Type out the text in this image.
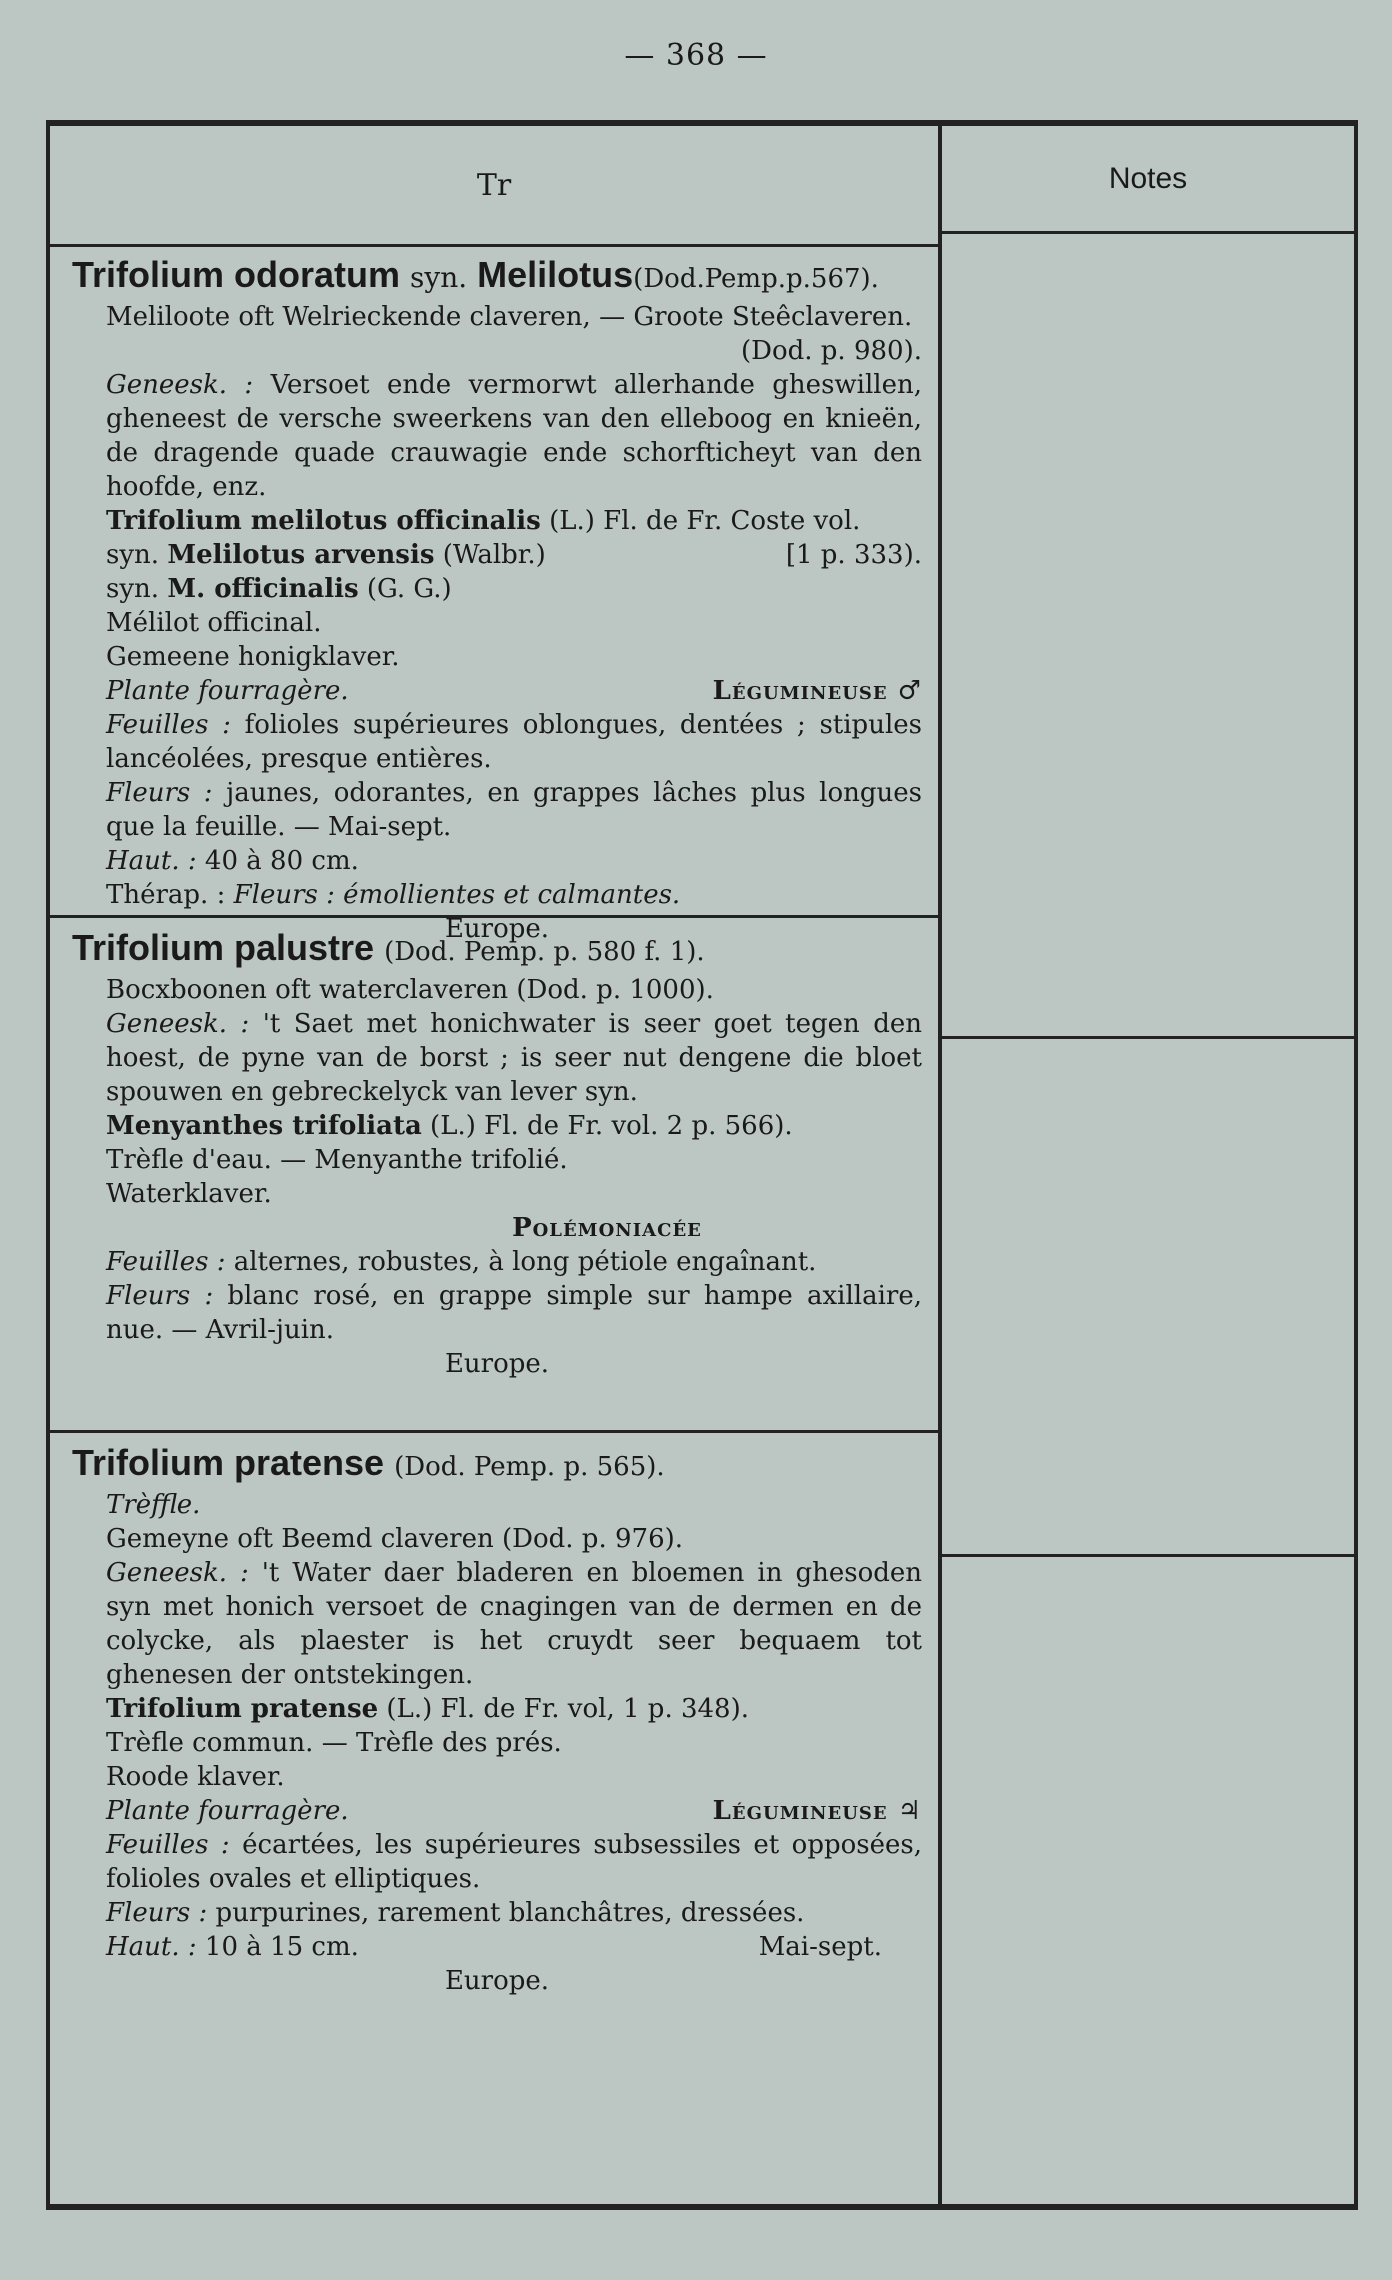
— 368 —
Tr	Notes
Trifolium odoratum syn. Melilotus(Dod.Pemp.p.567).
Meliloote oft Welrieckende claveren, — Groote Steêclaveren.
(Dod. p. 980).
Geneesk. : Versoet ende vermorwt allerhande gheswillen, gheneest de versche sweerkens van den elleboog en knieën, de dragende quade crauwagie ende schorfticheyt van den hoofde, enz.
Trifolium melilotus officinalis (L.) Fl. de Fr. Coste vol.
syn. Melilotus arvensis (Walbr.)	[1 p. 333).
syn. M. officinalis (G. G.)
Mélilot officinal.
Gemeene honigklaver.
Plante fourragère.	Légumineuse ♂
Feuilles : folioles supérieures oblongues, dentées ; stipules lancéolées, presque entières.
Fleurs : jaunes, odorantes, en grappes lâches plus longues que la feuille. — Mai-sept.
Haut. : 40 à 80 cm.
Thérap. : Fleurs : émollientes et calmantes.
Europe.
Trifolium palustre (Dod. Pemp. p. 580 f. 1).
Bocxboonen oft waterclaveren (Dod. p. 1000).
Geneesk. : 't Saet met honichwater is seer goet tegen den hoest, de pyne van de borst ; is seer nut dengene die bloet spouwen en gebreckelyck van lever syn.
Menyanthes trifoliata (L.) Fl. de Fr. vol. 2 p. 566).
Trèfle d'eau. — Menyanthe trifolié.
Waterklaver.
Polémoniacée
Feuilles : alternes, robustes, à long pétiole engaînant.
Fleurs : blanc rosé, en grappe simple sur hampe axillaire, nue. — Avril-juin.
Europe.
Trifolium pratense (Dod. Pemp. p. 565).
Trèffle.
Gemeyne oft Beemd claveren (Dod. p. 976).
Geneesk. : 't Water daer bladeren en bloemen in ghesoden syn met honich versoet de cnagingen van de dermen en de colycke, als plaester is het cruydt seer bequaem tot ghenesen der ontstekingen.
Trifolium pratense (L.) Fl. de Fr. vol, 1 p. 348).
Trèfle commun. — Trèfle des prés.
Roode klaver.
Plante fourragère.	Légumineuse ♃
Feuilles : écartées, les supérieures subsessiles et opposées, folioles ovales et elliptiques.
Fleurs : purpurines, rarement blanchâtres, dressées.
Haut. : 10 à 15 cm.	Mai-sept.
Europe.
